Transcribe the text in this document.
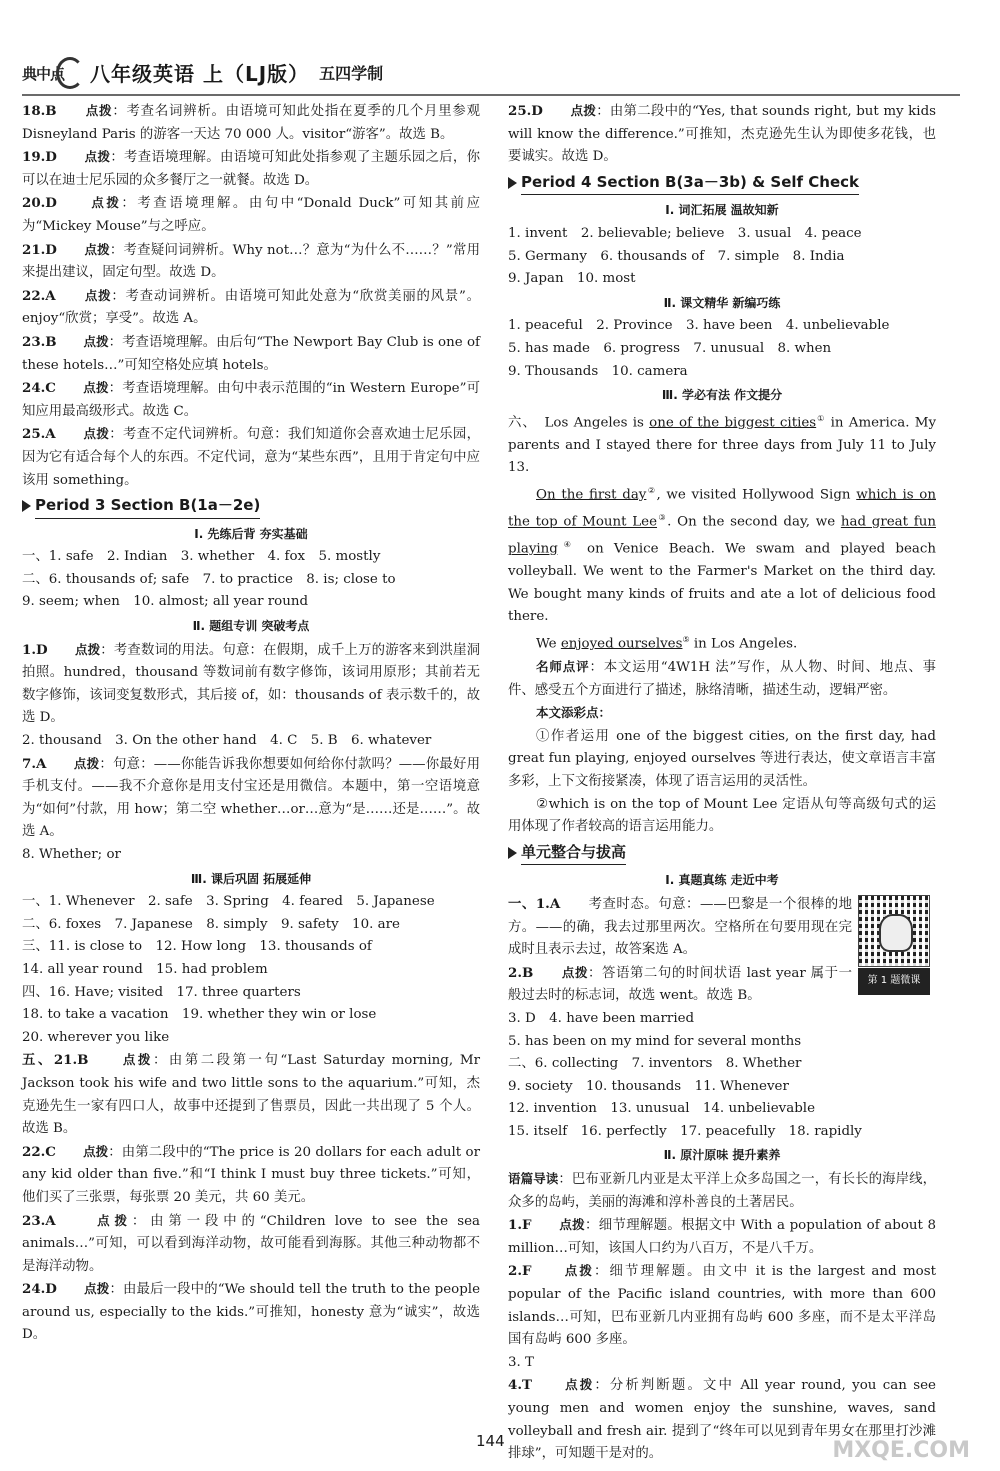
典中点 八年级英语 上（LJ版） 五四学制

18.B　　 点拨：考查名词辨析。由语境可知此处指在夏季的几个月里参观 Disneyland Paris 的游客一天达 70 000 人。visitor“游客”。故选 B。

19.D　　 点拨：考查语境理解。由语境可知此处指参观了主题乐园之后，你可以在迪士尼乐园的众多餐厅之一就餐。故选 D。

20.D　　	点拨：考查语境理解。由句中“Donald Duck”可知其前应为“Mickey Mouse”与之呼应。

21.D　　 点拨：考查疑问词辨析。Why not…？意为“为什么不……？”常用来提出建议，固定句型。故选 D。

22.A　　 点拨：考查动词辨析。由语境可知此处意为“欣赏美丽的风景”。enjoy“欣赏；享受”。故选 A。

23.B　　 点拨：考查语境理解。由后句“The Newport Bay Club is one of these hotels…”可知空格处应填 hotels。

24.C　　 点拨：考查语境理解。由句中表示范围的“in Western Europe”可知应用最高级形式。故选 C。

25.A　　 点拨：考查不定代词辨析。句意：我们知道你会喜欢迪士尼乐园，因为它有适合每个人的东西。不定代词，意为“某些东西”，且用于肯定句中应该用 something。

Period 3 Section B(1a－2e)
Ⅰ. 先练后背 夯实基础

一、1. safe　2. Indian　3. whether　4. fox　5. mostly

二、6. thousands of; safe　7. to practice　8. is; close to

9. seem; when　10. almost; all year round

Ⅱ. 题组专训 突破考点

1.D　　 点拨：考查数词的用法。句意：在假期，成千上万的游客来到洪崖洞拍照。hundred，thousand 等数词前有数字修饰，该词用原形；其前若无数字修饰，该词变复数形式，其后接 of，如：thousands of 表示数千的，故选 D。

2. thousand　3. On the other hand　4. C　5. B　6. whatever

7.A　　 点拨：句意：——你能告诉我你想要如何给你付款吗？——你最好用手机支付。——我不介意你是用支付宝还是用微信。本题中，第一空语境意为“如何”付款，用 how；第二空 whether…or…意为“是……还是……”。故选 A。

8. Whether; or

Ⅲ. 课后巩固 拓展延伸

一、1. Whenever　2. safe　3. Spring　4. feared　5. Japanese

二、6. foxes　7. Japanese　8. simply　9. safety　10. are

三、11. is close to　12. How long　13. thousands of

14. all year round　15. had problem

四、16. Have; visited　17. three quarters

18. to take a vacation　19. whether they win or lose

20. wherever you like

五、21.B　　	点拨：由第二段第一句“Last Saturday morning, Mr Jackson took his wife and two little sons to the aquarium.”可知，杰克逊先生一家有四口人，故事中还提到了售票员，因此一共出现了 5 个人。故选 B。

22.C　　 点拨：由第二段中的“The price is 20 dollars for each adult or any kid older than five.”和“I think I must buy three tickets.”可知，他们买了三张票，每张票 20 美元，共 60 美元。

23.A　　	点拨：由第一段中的“Children love to see the sea animals…”可知，可以看到海洋动物，故可能看到海豚。其他三种动物都不是海洋动物。

24.D　　 点拨：由最后一段中的“We should tell the truth to the people around us, especially to the kids.”可推知，honesty 意为“诚实”，故选 D。

25.D　　 点拨：由第二段中的“Yes, that sounds right, but my kids will know the difference.”可推知，杰克逊先生认为即使多花钱，也要诚实。故选 D。

Period 4 Section B(3a－3b) & Self Check
Ⅰ. 词汇拓展 温故知新

1. invent　2. believable; believe　3. usual　4. peace

5. Germany　6. thousands of　7. simple　8. India

9. Japan　10. most

Ⅱ. 课文精华 新编巧练

1. peaceful　2. Province　3. have been　4. unbelievable

5. has made　6. progress　7. unusual　8. when

9. Thousands　10. camera

Ⅲ. 学必有法 作文提分

六、　 Los Angeles is one of the biggest cities① in America. My parents and I stayed there for three days from July 11 to July 13.

On the first day②, we visited Hollywood Sign which is on the top of Mount Lee③. On the second day, we had great fun playing④ on Venice Beach. We swam and played beach volleyball. We went to the Farmer's Market on the third day. We bought many kinds of fruits and ate a lot of delicious food there.

We enjoyed ourselves⑤ in Los Angeles.

名师点评：本文运用“4W1H 法”写作，从人物、时间、地点、事件、感受五个方面进行了描述，脉络清晰，描述生动，逻辑严密。

本文添彩点：

①作者运用 one of the biggest cities, on the first day, had great fun playing, enjoyed ourselves 等进行表达，使文章语言丰富多彩，上下文衔接紧凑，体现了语言运用的灵活性。

②which is on the top of Mount Lee 定语从句等高级句式的运用体现了作者较高的语言运用能力。

单元整合与拔高
Ⅰ. 真题真练 走近中考
第 1 题微课

一、1.A　　 考查时态。句意：——巴黎是一个很棒的地方。——的确，我去过那里两次。空格所在句要用现在完成时且表示去过，故答案选 A。

2.B　　 点拨：答语第二句的时间状语 last year 属于一般过去时的标志词，故选 went。故选 B。

3. D　4. have been married

5. has been on my mind for several months

二、6. collecting　7. inventors　8. Whether

9. society　10. thousands　11. Whenever

12. invention　13. unusual　14. unbelievable

15. itself　16. perfectly　17. peacefully　18. rapidly

Ⅱ. 原汁原味 提升素养

语篇导读：巴布亚新几内亚是太平洋上众多岛国之一，有长长的海岸线，众多的岛屿，美丽的海滩和淳朴善良的土著居民。

1.F　　 点拨：细节理解题。根据文中 With a population of about 8 million…可知，该国人口约为八百万，不是八千万。

2.F　　	点拨：细节理解题。由文中 it is the largest and most popular of the Pacific island countries, with more than 600 islands…可知，巴布亚新几内亚拥有岛屿 600 多座，而不是太平洋岛国有岛屿 600 多座。

3. T

4.T　　	点拨：分析判断题。文中 All year round, you can see young men and women enjoy the sunshine, waves, sand volleyball and fresh air. 提到了“终年可以见到青年男女在那里打沙滩排球”，可知题干是对的。

144	MXQE.COM
